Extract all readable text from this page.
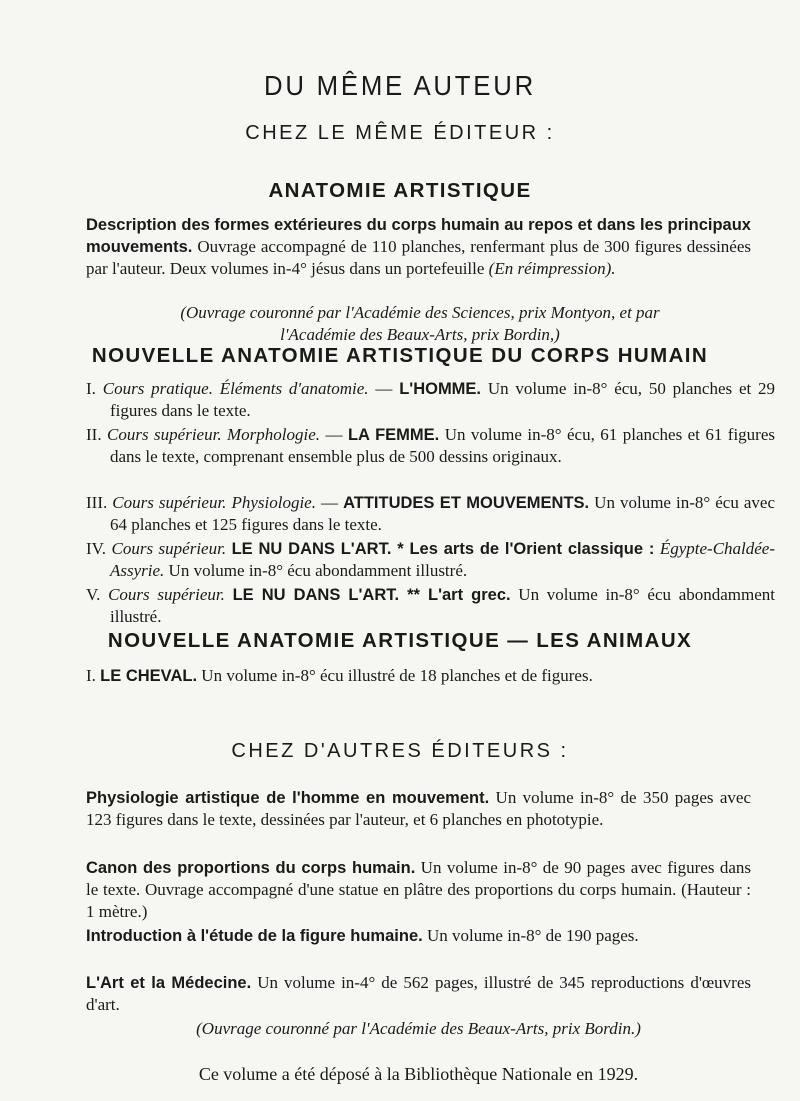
DU MÊME AUTEUR
CHEZ LE MÊME ÉDITEUR :
ANATOMIE ARTISTIQUE
Description des formes extérieures du corps humain au repos et dans les principaux mouvements. Ouvrage accompagné de 110 planches, renfermant plus de 300 figures dessinées par l'auteur. Deux volumes in-4° jésus dans un portefeuille (En réimpression).
(Ouvrage couronné par l'Académie des Sciences, prix Montyon, et par l'Académie des Beaux-Arts, prix Bordin,)
NOUVELLE ANATOMIE ARTISTIQUE DU CORPS HUMAIN
I. Cours pratique. Éléments d'anatomie. — L'HOMME. Un volume in-8° écu, 50 planches et 29 figures dans le texte.
II. Cours supérieur. Morphologie. — LA FEMME. Un volume in-8° écu, 61 planches et 61 figures dans le texte, comprenant ensemble plus de 500 dessins originaux.
III. Cours supérieur. Physiologie. — ATTITUDES ET MOUVEMENTS. Un volume in-8° écu avec 64 planches et 125 figures dans le texte.
IV. Cours supérieur. LE NU DANS L'ART. * Les arts de l'Orient classique : Égypte-Chaldée-Assyrie. Un volume in-8° écu abondamment illustré.
V. Cours supérieur. LE NU DANS L'ART. ** L'art grec. Un volume in-8° écu abondamment illustré.
NOUVELLE ANATOMIE ARTISTIQUE — LES ANIMAUX
I. LE CHEVAL. Un volume in-8° écu illustré de 18 planches et de figures.
CHEZ D'AUTRES ÉDITEURS :
Physiologie artistique de l'homme en mouvement. Un volume in-8° de 350 pages avec 123 figures dans le texte, dessinées par l'auteur, et 6 planches en phototypie.
Canon des proportions du corps humain. Un volume in-8° de 90 pages avec figures dans le texte. Ouvrage accompagné d'une statue en plâtre des proportions du corps humain. (Hauteur : 1 mètre.)
Introduction à l'étude de la figure humaine. Un volume in-8° de 190 pages.
L'Art et la Médecine. Un volume in-4° de 562 pages, illustré de 345 reproductions d'œuvres d'art.
(Ouvrage couronné par l'Académie des Beaux-Arts, prix Bordin.)
Ce volume a été déposé à la Bibliothèque Nationale en 1929.
